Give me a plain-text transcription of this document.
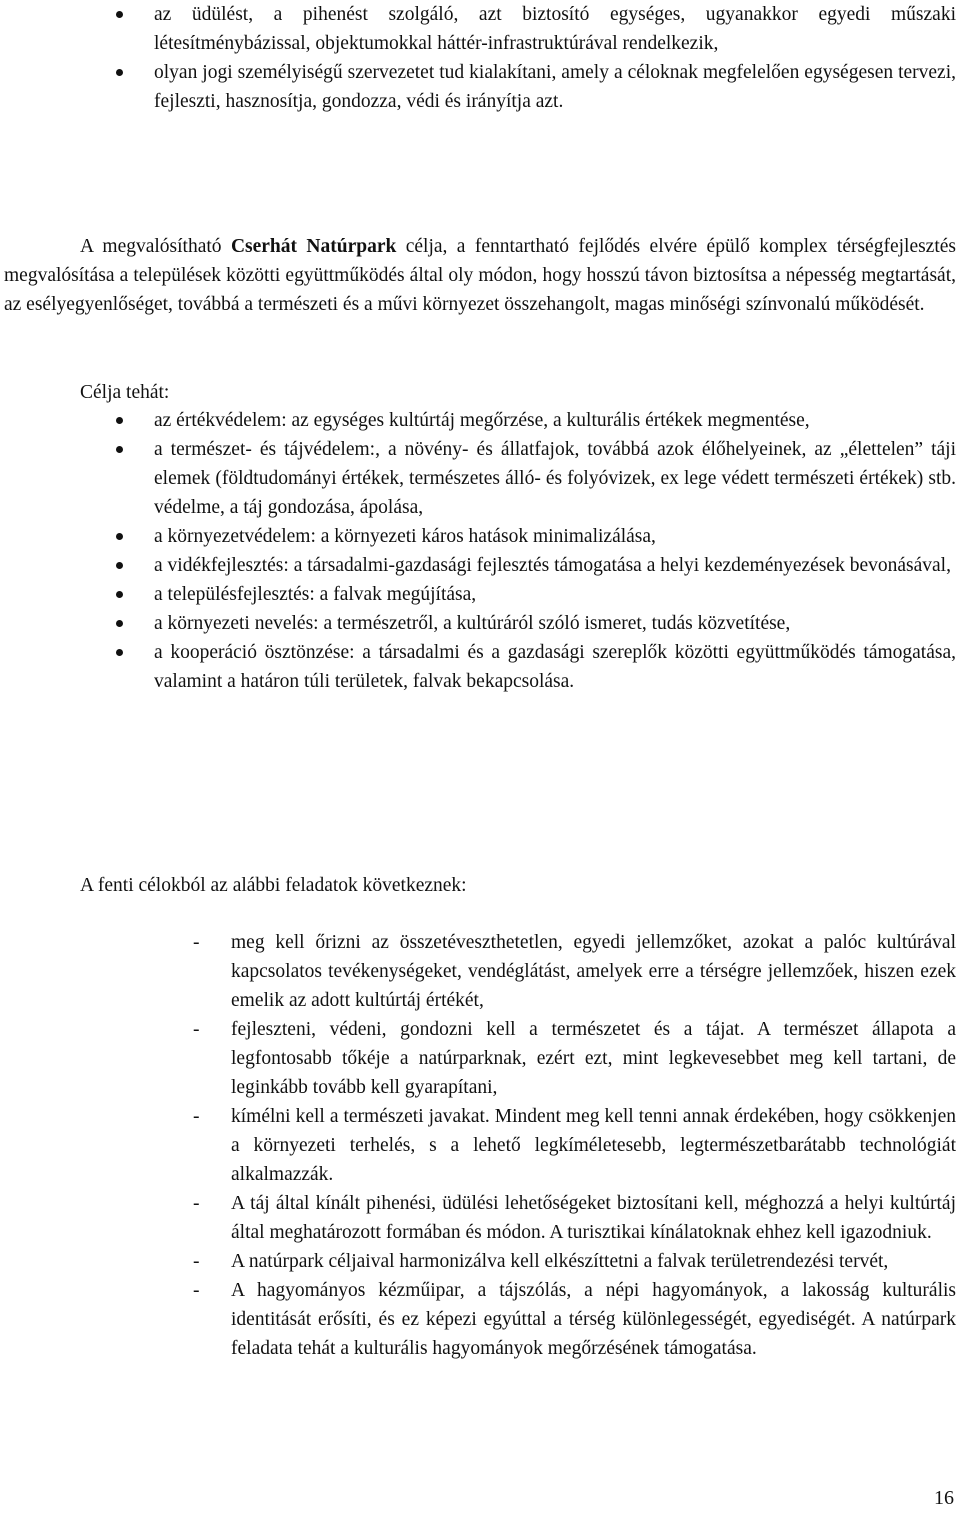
az üdülést, a pihenést szolgáló, azt biztosító egységes, ugyanakkor egyedi műszaki létesítménybázissal, objektumokkal háttér-infrastruktúrával rendelkezik,
olyan jogi személyiségű szervezetet tud kialakítani, amely a céloknak megfelelően egységesen tervezi, fejleszti, hasznosítja, gondozza, védi és irányítja azt.

A megvalósítható Cserhát Natúrpark célja, a fenntartható fejlődés elvére épülő komplex térségfejlesztés megvalósítása a települések közötti együttműködés által oly módon, hogy hosszú távon biztosítsa a népesség megtartását, az esélyegyenlőséget, továbbá a természeti és a művi környezet összehangolt, magas minőségi színvonalú működését.

Célja tehát:
az értékvédelem: az egységes kultúrtáj megőrzése, a kulturális értékek megmentése,
a természet- és tájvédelem:, a növény- és állatfajok, továbbá azok élőhelyeinek, az „élettelen” táji elemek (földtudományi értékek, természetes álló- és folyóvizek, ex lege védett természeti értékek) stb. védelme, a táj gondozása, ápolása,
a környezetvédelem: a környezeti káros hatások minimalizálása,
a vidékfejlesztés: a társadalmi-gazdasági fejlesztés támogatása a helyi kezdeményezések bevonásával,
a településfejlesztés: a falvak megújítása,
a környezeti nevelés: a természetről, a kultúráról szóló ismeret, tudás közvetítése,
a kooperáció ösztönzése: a társadalmi és a gazdasági szereplők közötti együttműködés támogatása, valamint a határon túli területek, falvak bekapcsolása.
A fenti célokból az alábbi feladatok következnek:
- meg kell őrizni az összetéveszthetetlen, egyedi jellemzőket, azokat a palóc kultúrával kapcsolatos tevékenységeket, vendéglátást, amelyek erre a térségre jellemzőek, hiszen ezek emelik az adott kultúrtáj értékét,
- fejleszteni, védeni, gondozni kell a természetet és a tájat. A természet állapota a legfontosabb tőkéje a natúrparknak, ezért ezt, mint legkevesebbet meg kell tartani, de leginkább tovább kell gyarapítani,
- kímélni kell a természeti javakat. Mindent meg kell tenni annak érdekében, hogy csökkenjen a környezeti terhelés, s a lehető legkíméletesebb, legtermészetbarátabb technológiát alkalmazzák.
- A táj által kínált pihenési, üdülési lehetőségeket biztosítani kell, méghozzá a helyi kultúrtáj által meghatározott formában és módon. A turisztikai kínálatoknak ehhez kell igazodniuk.
- A natúrpark céljaival harmonizálva kell elkészíttetni a falvak területrendezési tervét,
- A hagyományos kézműipar, a tájszólás, a népi hagyományok, a lakosság kulturális identitását erősíti, és ez képezi egyúttal a térség különlegességét, egyediségét. A natúrpark feladata tehát a kulturális hagyományok megőrzésének támogatása.
16
